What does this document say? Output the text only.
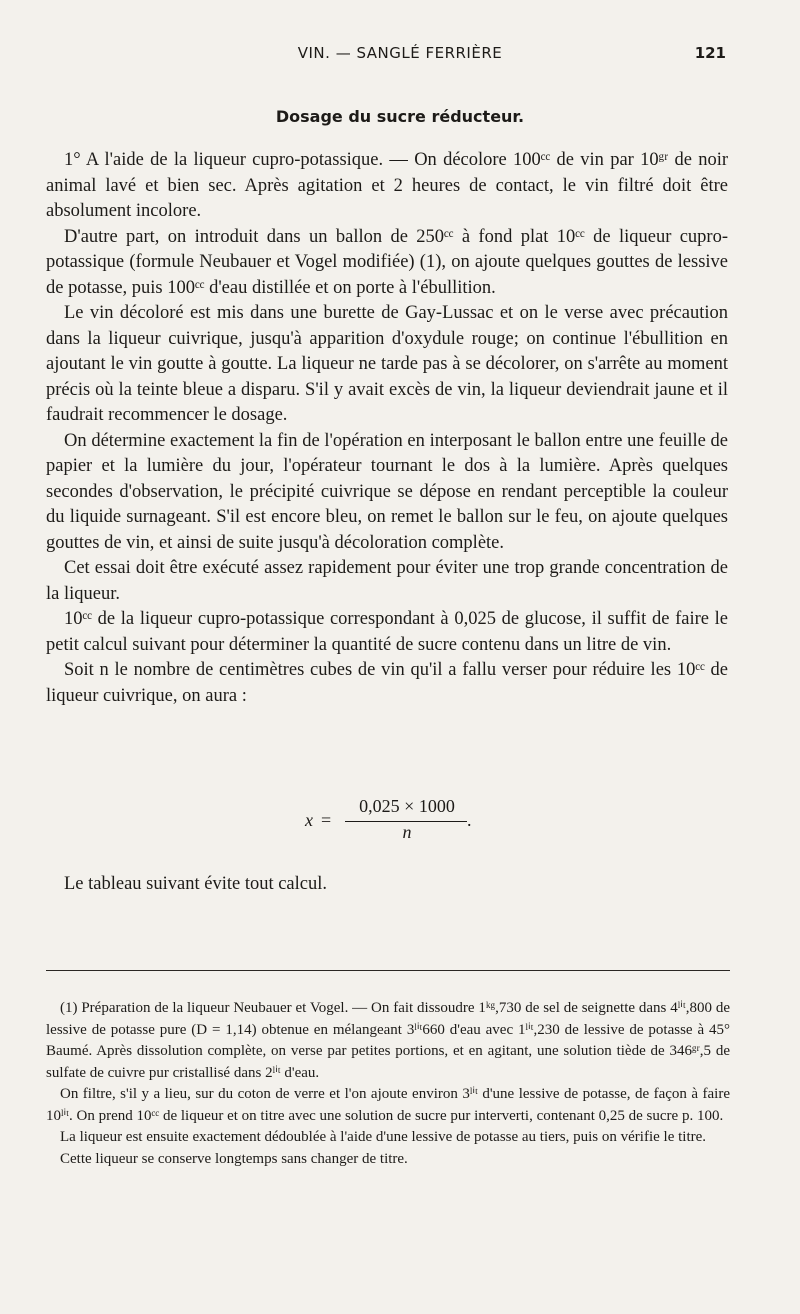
VIN. — SANGLÉ FERRIÈRE	121
Dosage du sucre réducteur.

1° A l'aide de la liqueur cupro-potassique. — On décolore 100ᶜᶜ de vin par 10ᵍʳ de noir animal lavé et bien sec. Après agitation et 2 heures de contact, le vin filtré doit être absolument incolore.

D'autre part, on introduit dans un ballon de 250ᶜᶜ à fond plat 10ᶜᶜ de liqueur cupro-potassique (formule Neubauer et Vogel modifiée) (1), on ajoute quelques gouttes de lessive de potasse, puis 100ᶜᶜ d'eau distillée et on porte à l'ébullition.

Le vin décoloré est mis dans une burette de Gay-Lussac et on le verse avec précaution dans la liqueur cuivrique, jusqu'à apparition d'oxydule rouge; on continue l'ébullition en ajoutant le vin goutte à goutte. La liqueur ne tarde pas à se décolorer, on s'arrête au moment précis où la teinte bleue a disparu. S'il y avait excès de vin, la liqueur deviendrait jaune et il faudrait recommencer le dosage.

On détermine exactement la fin de l'opération en interposant le ballon entre une feuille de papier et la lumière du jour, l'opérateur tournant le dos à la lumière. Après quelques secondes d'observation, le précipité cuivrique se dépose en rendant perceptible la couleur du liquide surnageant. S'il est encore bleu, on remet le ballon sur le feu, on ajoute quelques gouttes de vin, et ainsi de suite jusqu'à décoloration complète.

Cet essai doit être exécuté assez rapidement pour éviter une trop grande concentration de la liqueur.

10ᶜᶜ de la liqueur cupro-potassique correspondant à 0,025 de glucose, il suffit de faire le petit calcul suivant pour déterminer la quantité de sucre contenu dans un litre de vin.

Soit n le nombre de centimètres cubes de vin qu'il a fallu verser pour réduire les 10ᶜᶜ de liqueur cuivrique, on aura :

x =
0,025 × 1000
n
.
Le tableau suivant évite tout calcul.

(1) Préparation de la liqueur Neubauer et Vogel. — On fait dissoudre 1ᵏᵍ,730 de sel de seignette dans 4ˡⁱᵗ,800 de lessive de potasse pure (D = 1,14) obtenue en mélangeant 3ˡⁱᵗ660 d'eau avec 1ˡⁱᵗ,230 de lessive de potasse à 45° Baumé. Après dissolution complète, on verse par petites portions, et en agitant, une solution tiède de 346ᵍʳ,5 de sulfate de cuivre pur cristallisé dans 2ˡⁱᵗ d'eau.

On filtre, s'il y a lieu, sur du coton de verre et l'on ajoute environ 3ˡⁱᵗ d'une lessive de potasse, de façon à faire 10ˡⁱᵗ. On prend 10ᶜᶜ de liqueur et on titre avec une solution de sucre pur interverti, contenant 0,25 de sucre p. 100.

La liqueur est ensuite exactement dédoublée à l'aide d'une lessive de potasse au tiers, puis on vérifie le titre.

Cette liqueur se conserve longtemps sans changer de titre.
